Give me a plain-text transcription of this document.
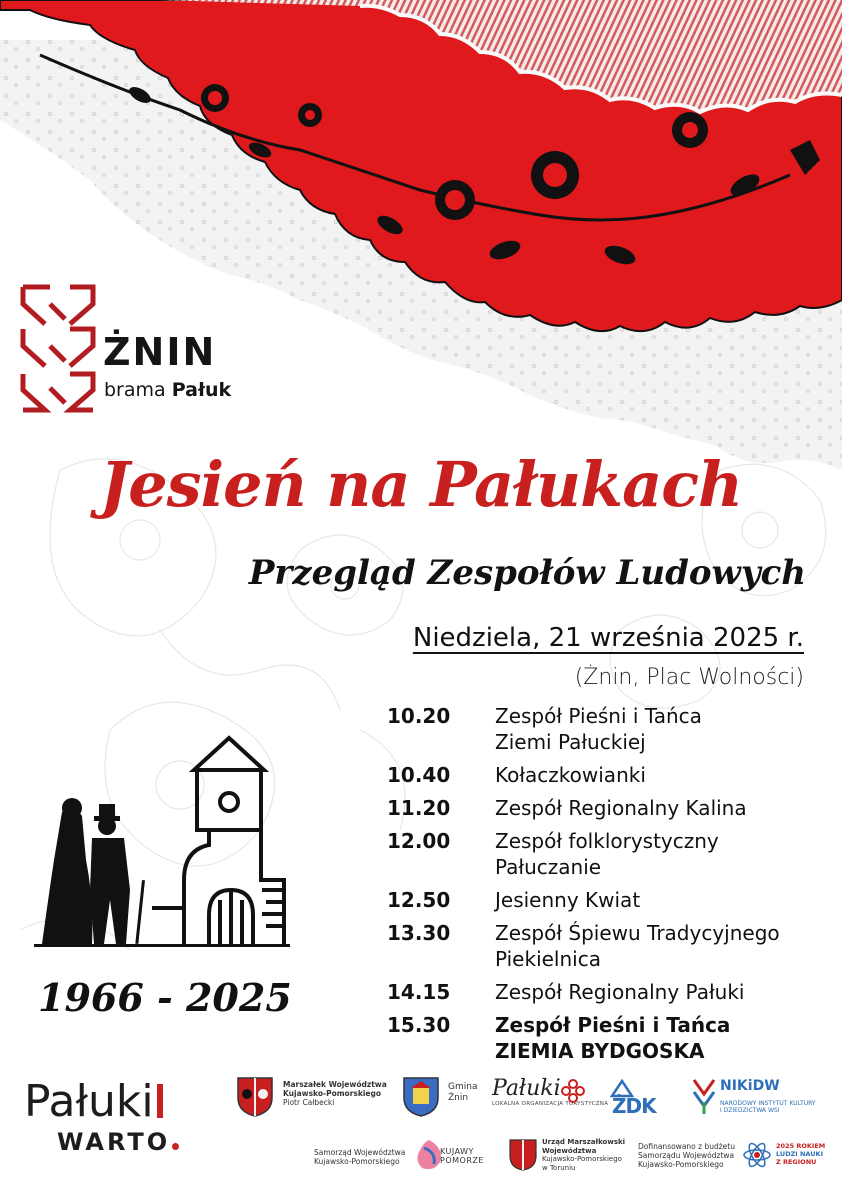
ŻNIN
brama Pałuk
Jesień na Pałukach
Przegląd Zespołów Ludowych
Niedziela, 21 września 2025 r.
(Żnin, Plac Wolności)
10.20	Zespół Pieśni i Tańca
Ziemi Pałuckiej
10.40	Kołaczkowianki
11.20	Zespół Regionalny Kalina
12.00	Zespół folklorystyczny
Pałuczanie
12.50	Jesienny Kwiat
13.30	Zespół Śpiewu Tradycyjnego
Piekielnica
14.15	Zespół Regionalny Pałuki
15.30	Zespół Pieśni i Tańca
ZIEMIA BYDGOSKA
1966 - 2025
Pałuki
WARTO
Marszałek Województwa
Kujawsko-Pomorskiego
Piotr Całbecki
Gmina
Żnin	Pałuki
LOKALNA ORGANIZACJA TURYSTYCZNA ŻDK
NIKiDW
NARODOWY INSTYTUT KULTURY
I DZIEDZICTWA WSI
Samorząd Województwa
Kujawsko-Pomorskiego
KUJAWY
POMORZE
Urząd Marszałkowski
Województwa
Kujawsko-Pomorskiego
w Toruniu
Dofinansowano z budżetu
Samorządu Województwa
Kujawsko-Pomorskiego
2025 ROKIEM
LUDZI NAUKI
Z REGIONU
